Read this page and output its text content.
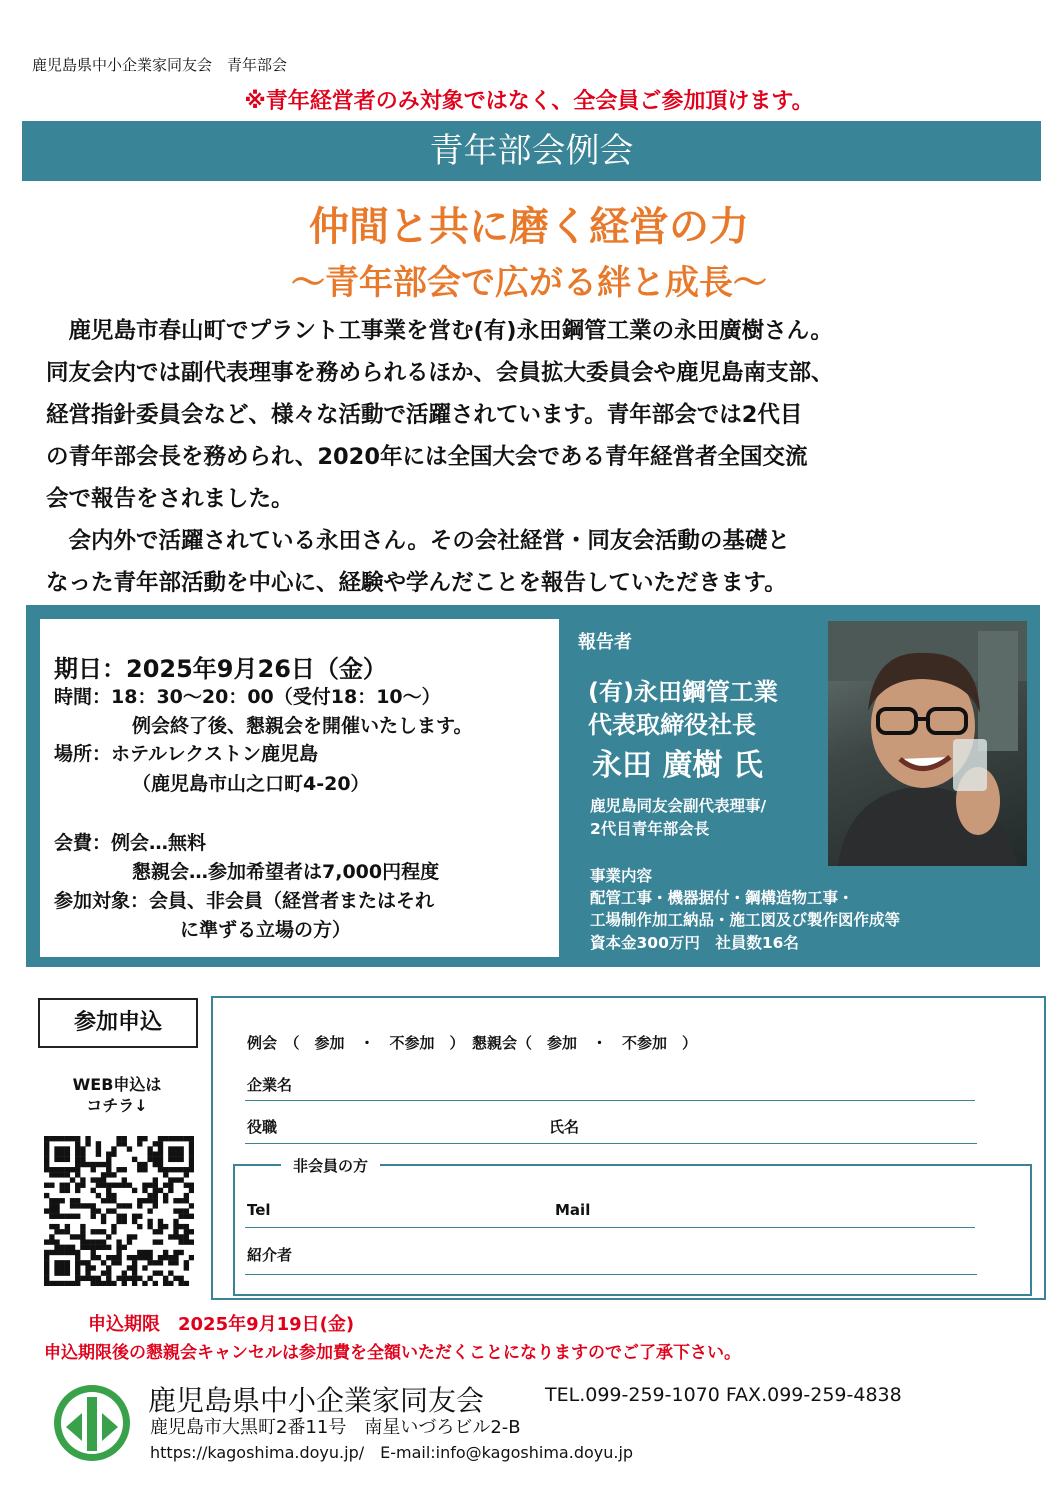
鹿児島県中小企業家同友会　青年部会
※青年経営者のみ対象ではなく、全会員ご参加頂けます。
青年部会例会
仲間と共に磨く経営の力
～青年部会で広がる絆と成長～

　鹿児島市春山町でプラント工事業を営む(有)永田鋼管工業の永田廣樹さん。

同友会内では副代表理事を務められるほか、会員拡大委員会や鹿児島南支部、

経営指針委員会など、様々な活動で活躍されています。青年部会では2代目

の青年部会長を務められ、2020年には全国大会である青年経営者全国交流

会で報告をされました。

　会内外で活躍されている永田さん。その会社経営・同友会活動の基礎と

なった青年部活動を中心に、経験や学んだことを報告していただきます。

期日：2025年9月26日（金）
時間：18：30～20：00（受付18：10～）
例会終了後、懇親会を開催いたします。
場所：ホテルレクストン鹿児島
（鹿児島市山之口町4-20）
会費：例会…無料
懇親会…参加希望者は7,000円程度
参加対象：会員、非会員（経営者またはそれ
に準ずる立場の方）
報告者
(有)永田鋼管工業
代表取締役社長
永田 廣樹 氏
鹿児島同友会副代表理事/
2代目青年部会長
事業内容
配管工事・機器据付・鋼構造物工事・
工場制作加工納品・施工図及び製作図作成等
資本金300万円　社員数16名
参加申込
WEB申込は
コチラ↓
例会　（　参加　・　不参加　）　懇親会（　参加　・　不参加　）
企業名
役職	氏名
非会員の方
Tel	Mail
紹介者
申込期限　2025年9月19日(金)
申込期限後の懇親会キャンセルは参加費を全額いただくことになりますのでご了承下さい。
鹿児島県中小企業家同友会	TEL.099-259-1070 FAX.099-259-4838
鹿児島市大黒町2番11号　南星いづろビル2-B
https://kagoshima.doyu.jp/　E-mail:info@kagoshima.doyu.jp
